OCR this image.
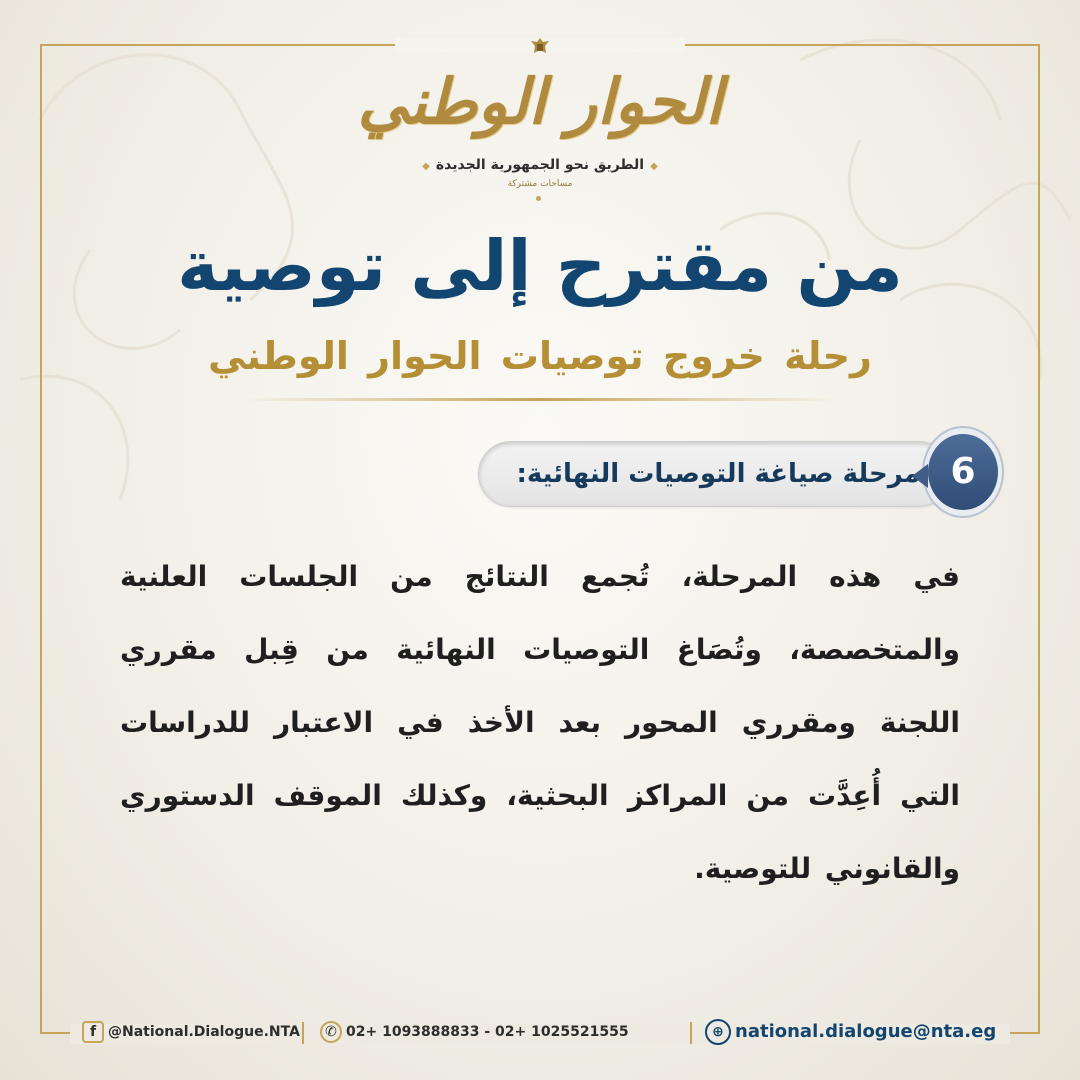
الحوار الوطني
◆ الطريق نحو الجمهورية الجديدة ◆
مساحات مشتركة
من مقترح إلى توصية
رحلة خروج توصيات الحوار الوطني
مرحلة صياغة التوصيات النهائية: 6
في هذه المرحلة، تُجمع النتائج من الجلسات العلنية والمتخصصة، وتُصَاغ التوصيات النهائية من قِبل مقرري اللجنة ومقرري المحور بعد الأخذ في الاعتبار للدراسات التي أُعِدَّت من المراكز البحثية، وكذلك الموقف الدستوري والقانوني للتوصية.
f @National.Dialogue.NTA	✆ 02+ 1093888833 - 02+ 1025521555	⊕ national.dialogue@nta.eg
